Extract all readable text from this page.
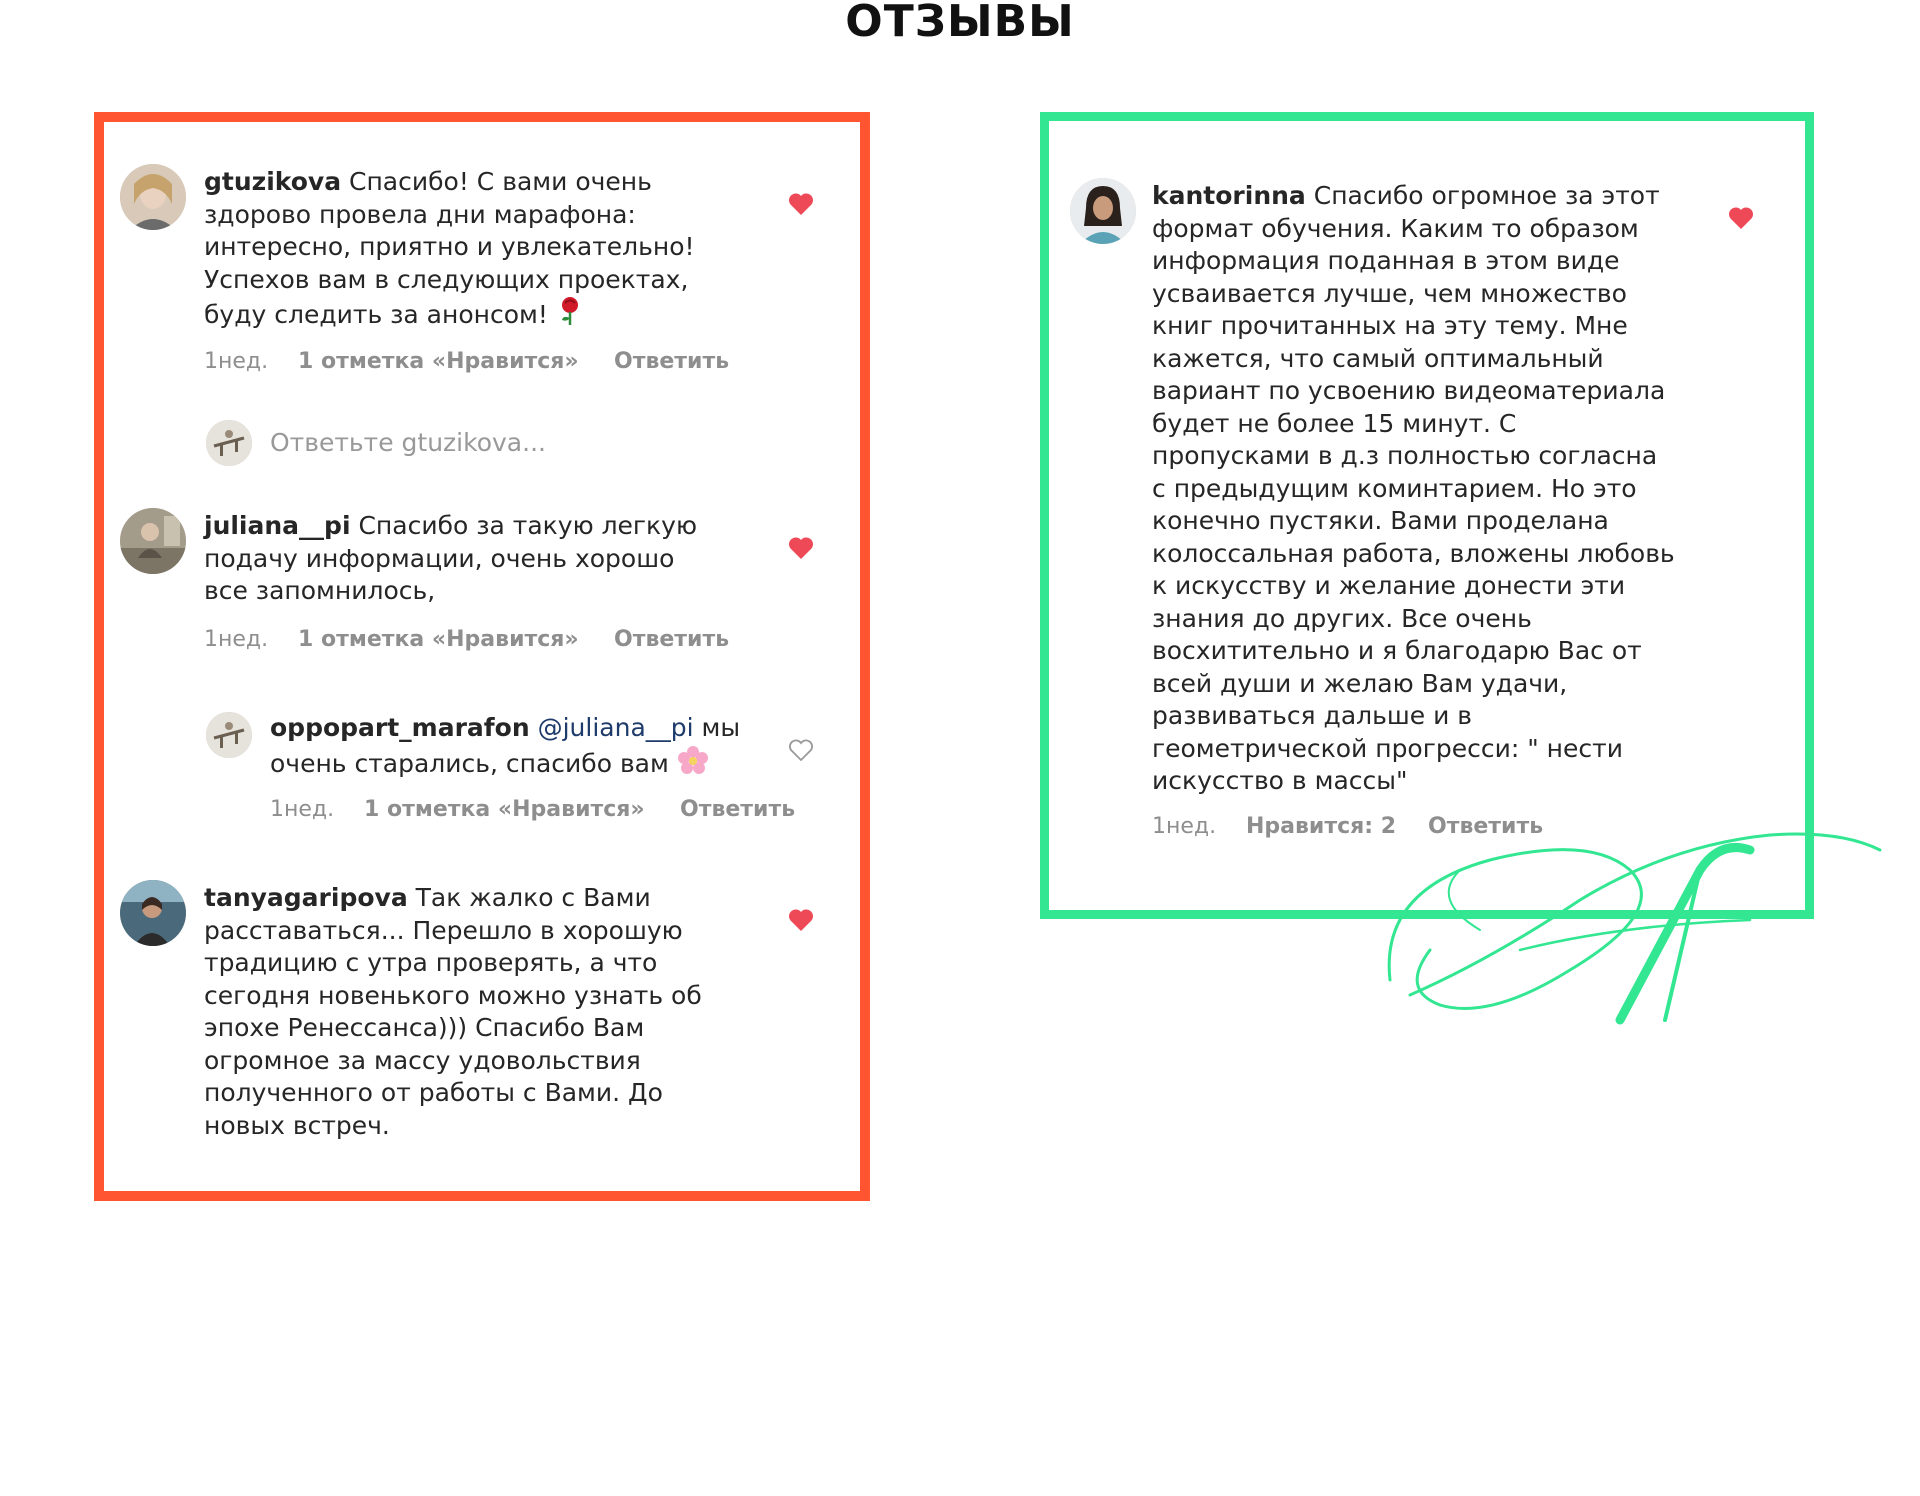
ОТЗЫВЫ
gtuzikova Спасибо! С вами очень
здорово провела дни марафона:
интересно, приятно и увлекательно!
Успехов вам в следующих проектах,
буду следить за анонсом!
1нед. 1 отметка «Нравится» Ответить
Ответьте gtuzikova...
juliana__pi Спасибо за такую легкую
подачу информации, очень хорошо
все запомнилось,
1нед. 1 отметка «Нравится» Ответить
oppopart_marafon @juliana__pi мы
очень старались, спасибо вам
1нед. 1 отметка «Нравится» Ответить
tanyagaripova Так жалко с Вами
расставаться... Перешло в хорошую
традицию с утра проверять, а что
сегодня новенького можно узнать об
эпохе Ренессанса))) Спасибо Вам
огромное за массу удовольствия
полученного от работы с Вами. До
новых встреч.
kantorinna Спасибо огромное за этот
формат обучения. Каким то образом
информация поданная в этом виде
усваивается лучше, чем множество
книг прочитанных на эту тему. Мне
кажется, что самый оптимальный
вариант по усвоению видеоматериала
будет не более 15 минут. С
пропусками в д.з полностью согласна
с предыдущим коминтарием. Но это
конечно пустяки. Вами проделана
колоссальная работа, вложены любовь
к искусству и желание донести эти
знания до других. Все очень
восхитительно и я благодарю Вас от
всей души и желаю Вам удачи,
развиваться дальше и в
геометрической прогресси: " нести
искусство в массы"
1нед. Нравится: 2 Ответить
